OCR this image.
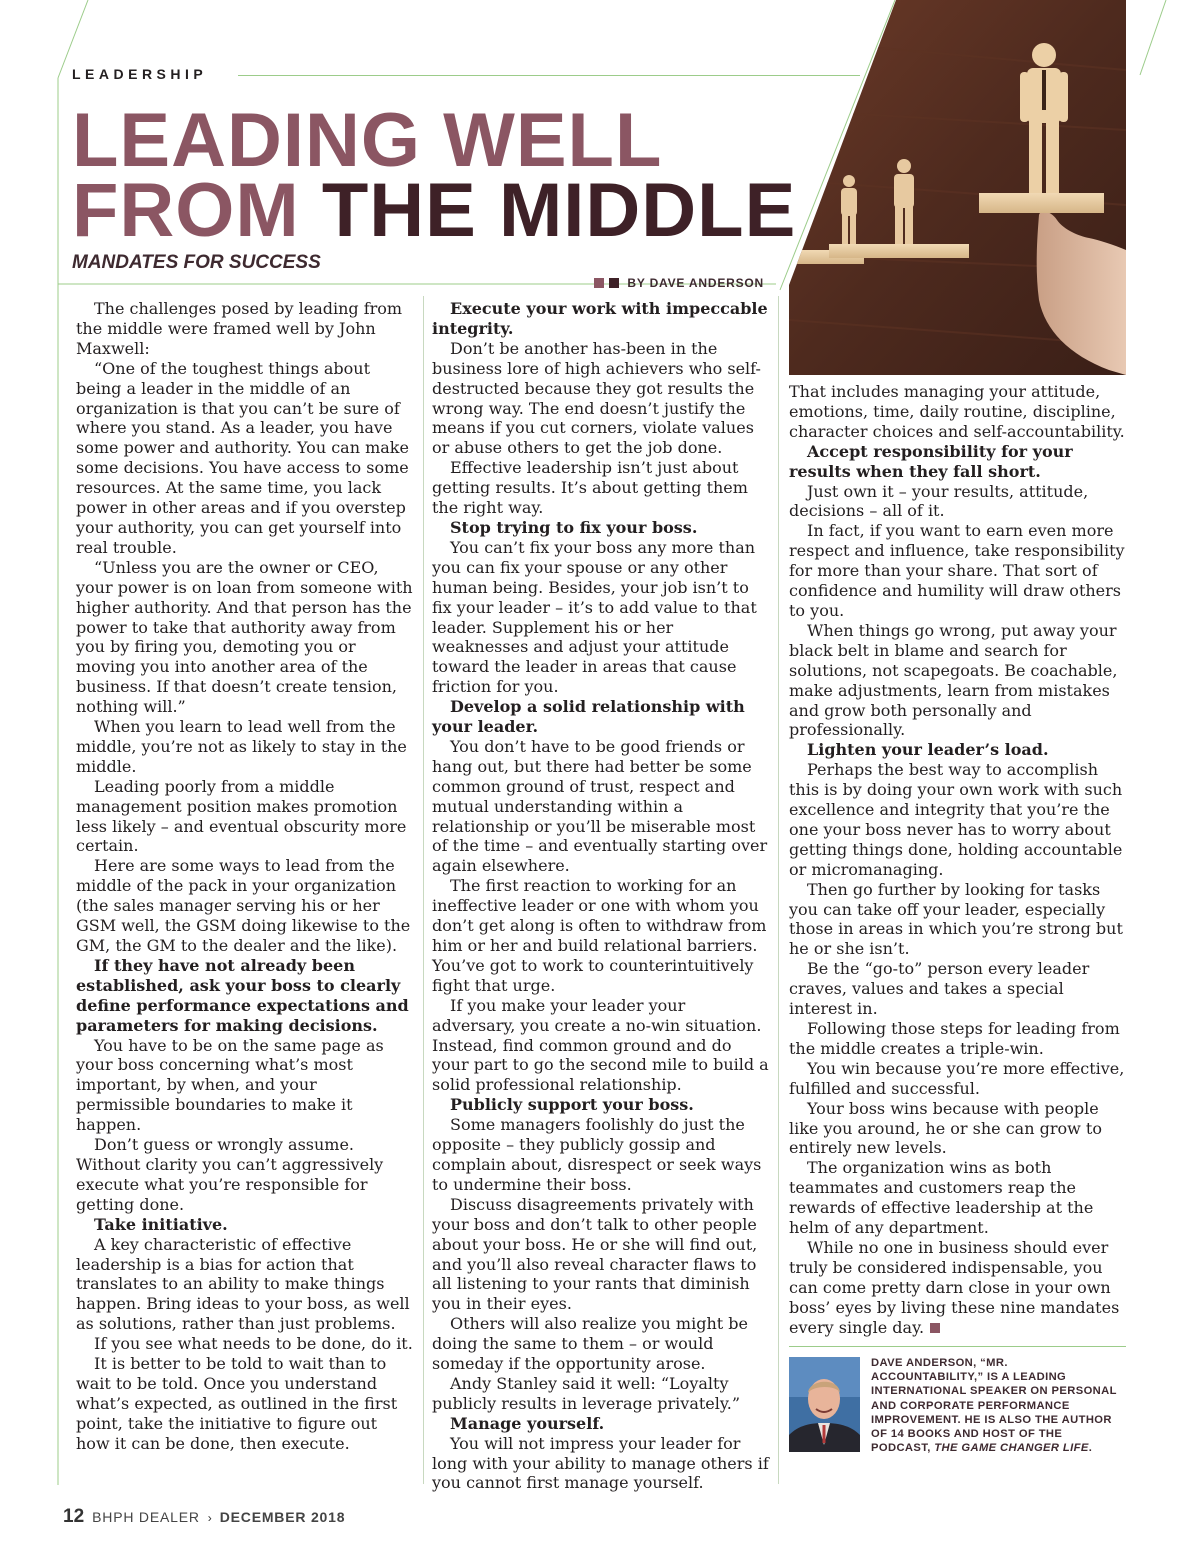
LEADERSHIP
LEADING WELL
FROM THE MIDDLE
MANDATES FOR SUCCESS
BY DAVE ANDERSON

The challenges posed by leading from the middle were framed well by John Maxwell:

“One of the toughest things about being a leader in the middle of an organization is that you can’t be sure of where you stand. As a leader, you have some power and authority. You can make some decisions. You have access to some resources. At the same time, you lack power in other areas and if you overstep your authority, you can get yourself into real trouble.

“Unless you are the owner or CEO, your power is on loan from someone with higher authority. And that person has the power to take that authority away from you by firing you, demoting you or moving you into another area of the business. If that doesn’t create tension, nothing will.”

When you learn to lead well from the middle, you’re not as likely to stay in the middle.

Leading poorly from a middle management position makes promotion less likely – and eventual obscurity more certain.

Here are some ways to lead from the middle of the pack in your organization (the sales manager serving his or her GSM well, the GSM doing likewise to the GM, the GM to the dealer and the like).

If they have not already been established, ask your boss to clearly define performance expectations and parameters for making decisions.

You have to be on the same page as your boss concerning what’s most important, by when, and your permissible boundaries to make it happen.

Don’t guess or wrongly assume. Without clarity you can’t aggressively execute what you’re responsible for getting done.

Take initiative.

A key characteristic of effective leadership is a bias for action that translates to an ability to make things happen. Bring ideas to your boss, as well as solutions, rather than just problems.

If you see what needs to be done, do it.

It is better to be told to wait than to wait to be told. Once you understand what’s expected, as outlined in the first point, take the initiative to figure out how it can be done, then execute.

Execute your work with impeccable integrity.

Don’t be another has-been in the business lore of high achievers who self-destructed because they got results the wrong way. The end doesn’t justify the means if you cut corners, violate values or abuse others to get the job done.

Effective leadership isn’t just about getting results. It’s about getting them the right way.

Stop trying to fix your boss.

You can’t fix your boss any more than you can fix your spouse or any other human being. Besides, your job isn’t to fix your leader – it’s to add value to that leader. Supplement his or her weaknesses and adjust your attitude toward the leader in areas that cause friction for you.

Develop a solid relationship with your leader.

You don’t have to be good friends or hang out, but there had better be some common ground of trust, respect and mutual understanding within a relationship or you’ll be miserable most of the time – and eventually starting over again elsewhere.

The first reaction to working for an ineffective leader or one with whom you don’t get along is often to withdraw from him or her and build relational barriers. You’ve got to work to counterintuitively fight that urge.

If you make your leader your adversary, you create a no-win situation. Instead, find common ground and do your part to go the second mile to build a solid professional relationship.

Publicly support your boss.

Some managers foolishly do just the opposite – they publicly gossip and complain about, disrespect or seek ways to undermine their boss.

Discuss disagreements privately with your boss and don’t talk to other people about your boss. He or she will find out, and you’ll also reveal character flaws to all listening to your rants that diminish you in their eyes.

Others will also realize you might be doing the same to them – or would someday if the opportunity arose.

Andy Stanley said it well: “Loyalty publicly results in leverage privately.”

Manage yourself.

You will not impress your leader for long with your ability to manage others if you cannot first manage yourself.

That includes managing your attitude, emotions, time, daily routine, discipline, character choices and self-accountability.

Accept responsibility for your results when they fall short.

Just own it – your results, attitude, decisions – all of it.

In fact, if you want to earn even more respect and influence, take responsibility for more than your share. That sort of confidence and humility will draw others to you.

When things go wrong, put away your black belt in blame and search for solutions, not scapegoats. Be coachable, make adjustments, learn from mistakes and grow both personally and professionally.

Lighten your leader’s load.

Perhaps the best way to accomplish this is by doing your own work with such excellence and integrity that you’re the one your boss never has to worry about getting things done, holding accountable or micromanaging.

Then go further by looking for tasks you can take off your leader, especially those in areas in which you’re strong but he or she isn’t.

Be the “go-to” person every leader craves, values and takes a special interest in.

Following those steps for leading from the middle creates a triple-win.

You win because you’re more effective, fulfilled and successful.

Your boss wins because with people like you around, he or she can grow to entirely new levels.

The organization wins as both teammates and customers reap the rewards of effective leadership at the helm of any department.

While no one in business should ever truly be considered indispensable, you can come pretty darn close in your own boss’ eyes by living these nine mandates every single day.

DAVE ANDERSON, “MR. ACCOUNTABILITY,” IS A LEADING INTERNATIONAL SPEAKER ON PERSONAL AND CORPORATE PERFORMANCE IMPROVEMENT. HE IS ALSO THE AUTHOR OF 14 BOOKS AND HOST OF THE PODCAST, THE GAME CHANGER LIFE.
12 BHPH DEALER › DECEMBER 2018
